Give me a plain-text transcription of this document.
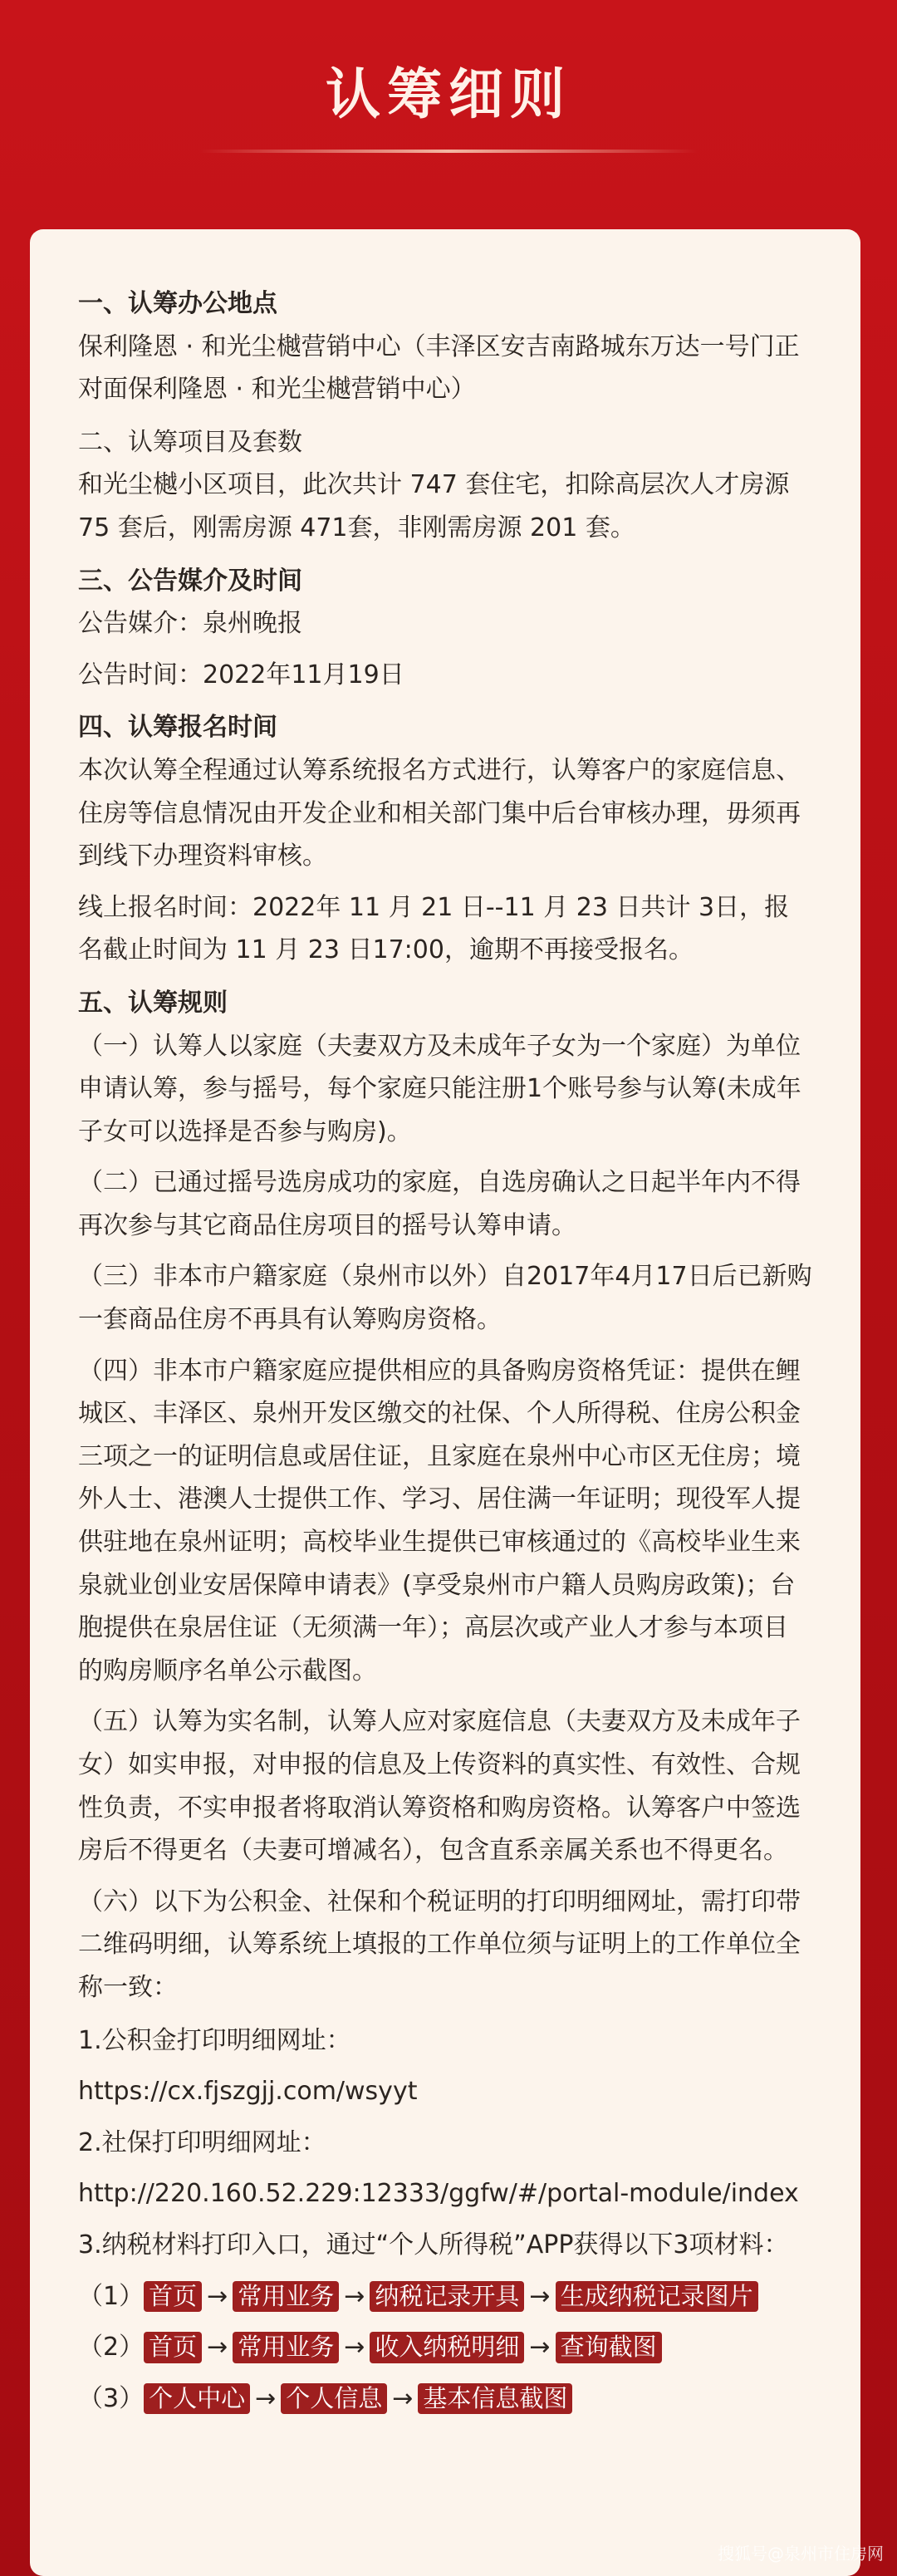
认筹细则
一、认筹办公地点

保利隆恩 · 和光尘樾营销中心（丰泽区安吉南路城东万达一号门正对面保利隆恩 · 和光尘樾营销中心）

二、认筹项目及套数

和光尘樾小区项目，此次共计 747 套住宅，扣除高层次人才房源 75 套后，刚需房源 471套，非刚需房源 201 套。

三、公告媒介及时间

公告媒介：泉州晚报

公告时间：2022年11月19日

四、认筹报名时间

本次认筹全程通过认筹系统报名方式进行，认筹客户的家庭信息、住房等信息情况由开发企业和相关部门集中后台审核办理，毋须再到线下办理资料审核。

线上报名时间：2022年 11 月 21 日--11 月 23 日共计 3日，报名截止时间为 11 月 23 日17:00，逾期不再接受报名。

五、认筹规则

（一）认筹人以家庭（夫妻双方及未成年子女为一个家庭）为单位申请认筹，参与摇号，每个家庭只能注册1个账号参与认筹(未成年子女可以选择是否参与购房)。

（二）已通过摇号选房成功的家庭，自选房确认之日起半年内不得再次参与其它商品住房项目的摇号认筹申请。

（三）非本市户籍家庭（泉州市以外）自2017年4月17日后已新购一套商品住房不再具有认筹购房资格。

（四）非本市户籍家庭应提供相应的具备购房资格凭证：提供在鲤城区、丰泽区、泉州开发区缴交的社保、个人所得税、住房公积金三项之一的证明信息或居住证，且家庭在泉州中心市区无住房；境外人士、港澳人士提供工作、学习、居住满一年证明；现役军人提供驻地在泉州证明；高校毕业生提供已审核通过的《高校毕业生来泉就业创业安居保障申请表》(享受泉州市户籍人员购房政策)；台胞提供在泉居住证（无须满一年）；高层次或产业人才参与本项目的购房顺序名单公示截图。

（五）认筹为实名制，认筹人应对家庭信息（夫妻双方及未成年子女）如实申报，对申报的信息及上传资料的真实性、有效性、合规性负责，不实申报者将取消认筹资格和购房资格。认筹客户中签选房后不得更名（夫妻可增减名），包含直系亲属关系也不得更名。

（六）以下为公积金、社保和个税证明的打印明细网址，需打印带二维码明细，认筹系统上填报的工作单位须与证明上的工作单位全称一致：

1.公积金打印明细网址：

https://cx.fjszgjj.com/wsyyt

2.社保打印明细网址：

http://220.160.52.229:12333/ggfw/#/portal-module/index

3.纳税材料打印入口，通过“个人所得税”APP获得以下3项材料：

（1） 首页 → 常用业务 → 纳税记录开具 → 生成纳税记录图片
（2） 首页 → 常用业务 → 收入纳税明细 → 查询截图
（3） 个人中心 → 个人信息 → 基本信息截图
搜狐号@泉州市住房网
